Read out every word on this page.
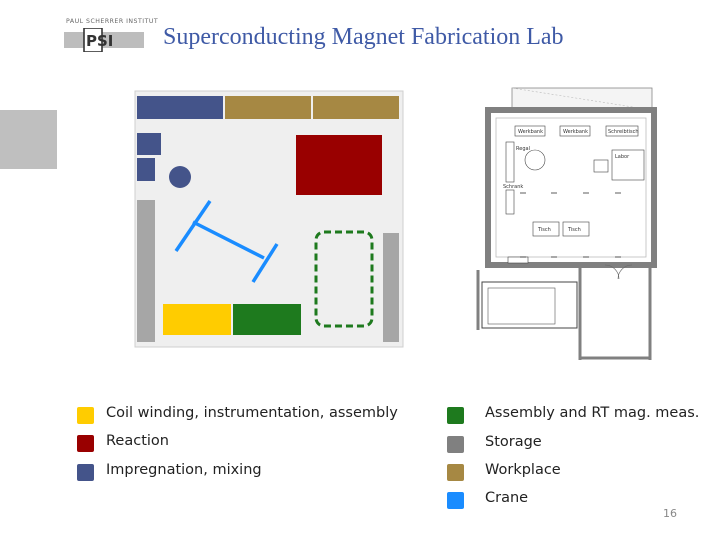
PAUL SCHERRER INSTITUT
PSI Superconducting Magnet Fabrication Lab
Werkbank	Werkbank	Schreibtisch
Labor
Tisch	Tisch
Schrank
Regal
Coil winding, instrumentation, assembly
Reaction
Impregnation, mixing
Assembly and RT mag. meas.
Storage
Workplace
Crane
16
